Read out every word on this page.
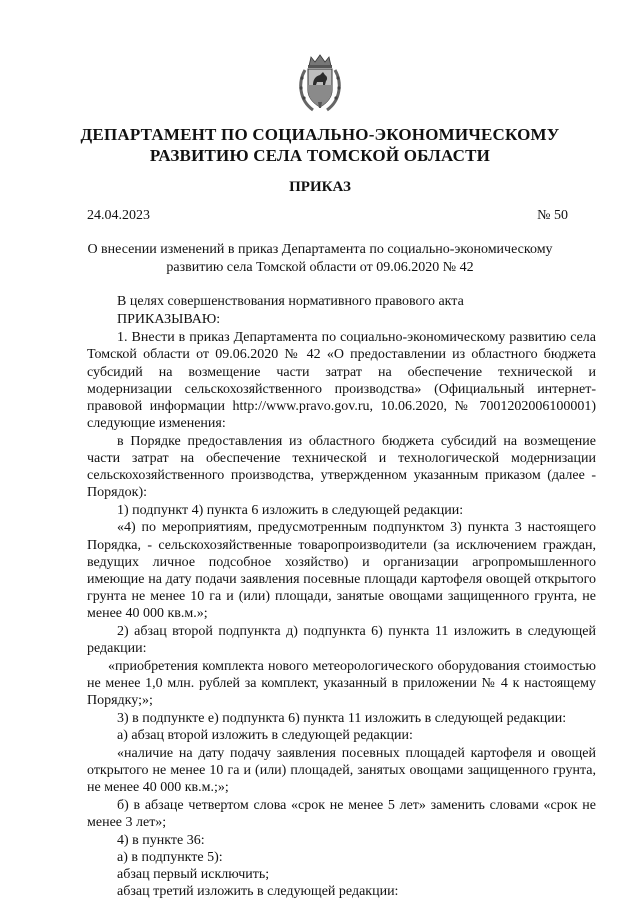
ДЕПАРТАМЕНТ ПО СОЦИАЛЬНО-ЭКОНОМИЧЕСКОМУ
РАЗВИТИЮ СЕЛА ТОМСКОЙ ОБЛАСТИ
ПРИКАЗ
24.04.2023	№ 50
О внесении изменений в приказ Департамента по социально-экономическому
развитию села Томской области от 09.06.2020 № 42
В целях совершенствования нормативного правового акта
ПРИКАЗЫВАЮ:
1. Внести в приказ Департамента по социально-экономическому развитию села
Томской области от 09.06.2020 № 42 «О предоставлении из областного бюджета
субсидий на возмещение части затрат на обеспечение технической и
модернизации сельскохозяйственного производства» (Официальный интернет-
правовой информации http://www.pravo.gov.ru, 10.06.2020, № 7001202006100001)
следующие изменения:
в Порядке предоставления из областного бюджета субсидий на возмещение
части затрат на обеспечение технической и технологической модернизации
сельскохозяйственного производства, утвержденном указанным приказом (далее -
Порядок):
1) подпункт 4) пункта 6 изложить в следующей редакции:
«4) по мероприятиям, предусмотренным подпунктом 3) пункта 3 настоящего
Порядка, - сельскохозяйственные товаропроизводители (за исключением граждан,
ведущих личное подсобное хозяйство) и организации агропромышленного
имеющие на дату подачи заявления посевные площади картофеля овощей открытого
грунта не менее 10 га и (или) площади, занятые овощами защищенного грунта, не
менее 40 000 кв.м.»;
2) абзац второй подпункта д) подпункта 6) пункта 11 изложить в следующей
редакции:
«приобретения комплекта нового метеорологического оборудования стоимостью
не менее 1,0 млн. рублей за комплект, указанный в приложении № 4 к настоящему
Порядку;»;
3) в подпункте е) подпункта 6) пункта 11 изложить в следующей редакции:
а) абзац второй изложить в следующей редакции:
«наличие на дату подачу заявления посевных площадей картофеля и овощей
открытого не менее 10 га и (или) площадей, занятых овощами защищенного грунта,
не менее 40 000 кв.м.;»;
б) в абзаце четвертом слова «срок не менее 5 лет» заменить словами «срок не
менее 3 лет»;
4) в пункте 36:
а) в подпункте 5):
абзац первый исключить;
абзац третий изложить в следующей редакции:
